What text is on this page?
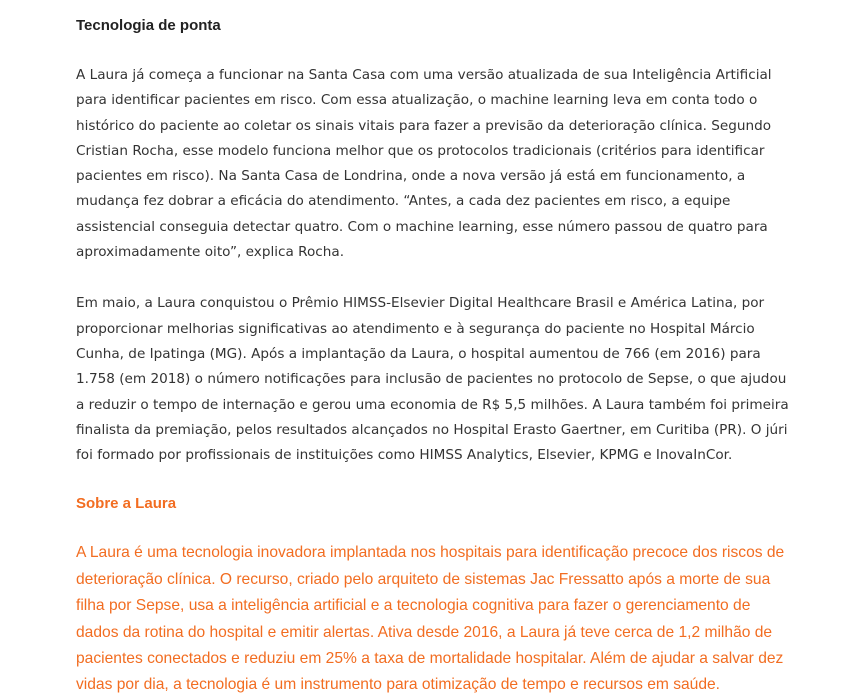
Tecnologia de ponta

A Laura já começa a funcionar na Santa Casa com uma versão atualizada de sua Inteligência Artificial para identificar pacientes em risco. Com essa atualização, o machine learning leva em conta todo o histórico do paciente ao coletar os sinais vitais para fazer a previsão da deterioração clínica. Segundo Cristian Rocha, esse modelo funciona melhor que os protocolos tradicionais (critérios para identificar pacientes em risco). Na Santa Casa de Londrina, onde a nova versão já está em funcionamento, a mudança fez dobrar a eficácia do atendimento. “Antes, a cada dez pacientes em risco, a equipe assistencial conseguia detectar quatro. Com o machine learning, esse número passou de quatro para aproximadamente oito”, explica Rocha.

Em maio, a Laura conquistou o Prêmio HIMSS-Elsevier Digital Healthcare Brasil e América Latina, por proporcionar melhorias significativas ao atendimento e à segurança do paciente no Hospital Márcio Cunha, de Ipatinga (MG). Após a implantação da Laura, o hospital aumentou de 766 (em 2016) para 1.758 (em 2018) o número notificações para inclusão de pacientes no protocolo de Sepse, o que ajudou a reduzir o tempo de internação e gerou uma economia de R$ 5,5 milhões. A Laura também foi primeira finalista da premiação, pelos resultados alcançados no Hospital Erasto Gaertner, em Curitiba (PR). O júri foi formado por profissionais de instituições como HIMSS Analytics, Elsevier, KPMG e InovaInCor.

Sobre a Laura

A Laura é uma tecnologia inovadora implantada nos hospitais para identificação precoce dos riscos de deterioração clínica. O recurso, criado pelo arquiteto de sistemas Jac Fressatto após a morte de sua filha por Sepse, usa a inteligência artificial e a tecnologia cognitiva para fazer o gerenciamento de dados da rotina do hospital e emitir alertas. Ativa desde 2016, a Laura já teve cerca de 1,2 milhão de pacientes conectados e reduziu em 25% a taxa de mortalidade hospitalar. Além de ajudar a salvar dez vidas por dia, a tecnologia é um instrumento para otimização de tempo e recursos em saúde.
